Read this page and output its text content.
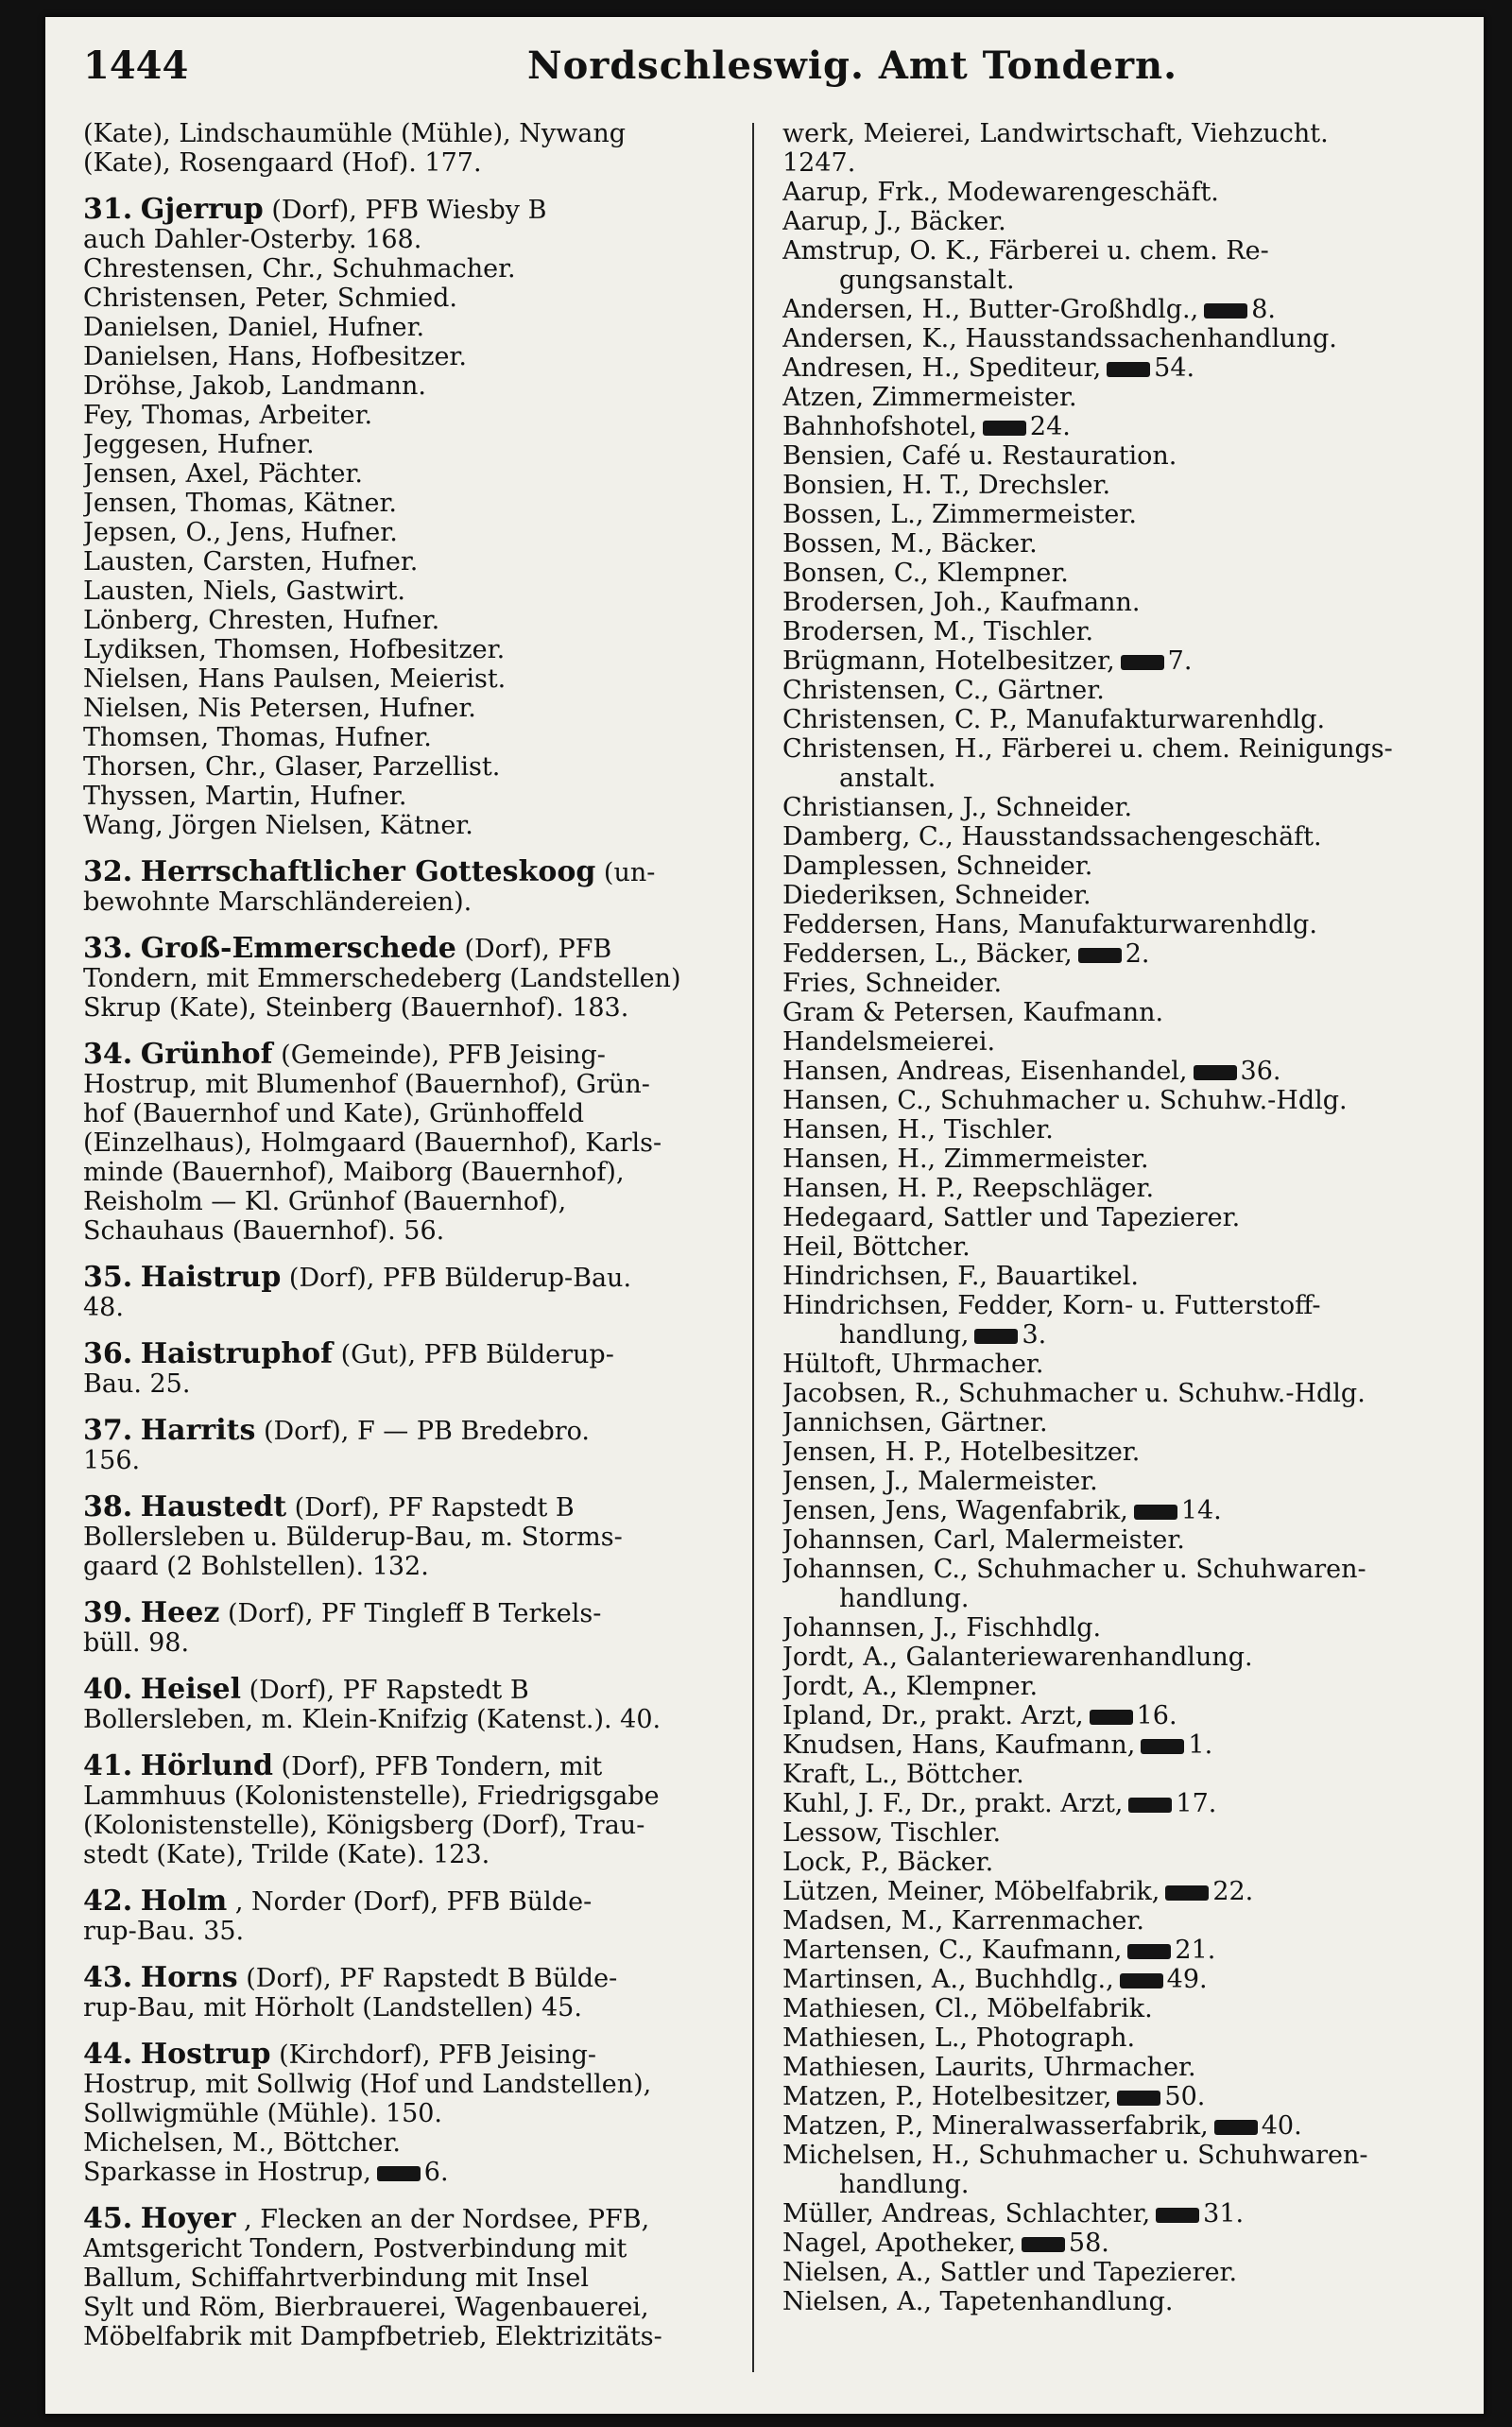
1444	Nordschleswig. Amt Tondern.
(Kate), Lindschaumühle (Mühle), Nywang
(Kate), Rosengaard (Hof). 177.
31. Gjerrup (Dorf), PFB Wiesby B
auch Dahler-Osterby. 168.
Chrestensen, Chr., Schuhmacher.
Christensen, Peter, Schmied.
Danielsen, Daniel, Hufner.
Danielsen, Hans, Hofbesitzer.
Dröhse, Jakob, Landmann.
Fey, Thomas, Arbeiter.
Jeggesen, Hufner.
Jensen, Axel, Pächter.
Jensen, Thomas, Kätner.
Jepsen, O., Jens, Hufner.
Lausten, Carsten, Hufner.
Lausten, Niels, Gastwirt.
Lönberg, Chresten, Hufner.
Lydiksen, Thomsen, Hofbesitzer.
Nielsen, Hans Paulsen, Meierist.
Nielsen, Nis Petersen, Hufner.
Thomsen, Thomas, Hufner.
Thorsen, Chr., Glaser, Parzellist.
Thyssen, Martin, Hufner.
Wang, Jörgen Nielsen, Kätner.
32. Herrschaftlicher Gotteskoog (un-
bewohnte Marschländereien).
33. Groß-Emmerschede (Dorf), PFB
Tondern, mit Emmerschedeberg (Landstellen)
Skrup (Kate), Steinberg (Bauernhof). 183.
34. Grünhof (Gemeinde), PFB Jeising-
Hostrup, mit Blumenhof (Bauernhof), Grün-
hof (Bauernhof und Kate), Grünhoffeld
(Einzelhaus), Holmgaard (Bauernhof), Karls-
minde (Bauernhof), Maiborg (Bauernhof),
Reisholm — Kl. Grünhof (Bauernhof),
Schauhaus (Bauernhof). 56.
35. Haistrup (Dorf), PFB Bülderup-Bau.
48.
36. Haistruphof (Gut), PFB Bülderup-
Bau. 25.
37. Harrits (Dorf), F — PB Bredebro.
156.
38. Haustedt (Dorf), PF Rapstedt B
Bollersleben u. Bülderup-Bau, m. Storms-
gaard (2 Bohlstellen). 132.
39. Heez (Dorf), PF Tingleff B Terkels-
büll. 98.
40. Heisel (Dorf), PF Rapstedt B
Bollersleben, m. Klein-Knifzig (Katenst.). 40.
41. Hörlund (Dorf), PFB Tondern, mit
Lammhuus (Kolonistenstelle), Friedrigsgabe
(Kolonistenstelle), Königsberg (Dorf), Trau-
stedt (Kate), Trilde (Kate). 123.
42. Holm , Norder (Dorf), PFB Bülde-
rup-Bau. 35.
43. Horns (Dorf), PF Rapstedt B Bülde-
rup-Bau, mit Hörholt (Landstellen) 45.
44. Hostrup (Kirchdorf), PFB Jeising-
Hostrup, mit Sollwig (Hof und Landstellen),
Sollwigmühle (Mühle). 150.
Michelsen, M., Böttcher.
Sparkasse in Hostrup, 6.
45. Hoyer , Flecken an der Nordsee, PFB,
Amtsgericht Tondern, Postverbindung mit
Ballum, Schiffahrtverbindung mit Insel
Sylt und Röm, Bierbrauerei, Wagenbauerei,
Möbelfabrik mit Dampfbetrieb, Elektrizitäts-
werk, Meierei, Landwirtschaft, Viehzucht.
1247.
Aarup, Frk., Modewarengeschäft.
Aarup, J., Bäcker.
Amstrup, O. K., Färberei u. chem. Re-
gungsanstalt.
Andersen, H., Butter-Großhdlg., 8.
Andersen, K., Hausstandssachenhandlung.
Andresen, H., Spediteur, 54.
Atzen, Zimmermeister.
Bahnhofshotel, 24.
Bensien, Café u. Restauration.
Bonsien, H. T., Drechsler.
Bossen, L., Zimmermeister.
Bossen, M., Bäcker.
Bonsen, C., Klempner.
Brodersen, Joh., Kaufmann.
Brodersen, M., Tischler.
Brügmann, Hotelbesitzer, 7.
Christensen, C., Gärtner.
Christensen, C. P., Manufakturwarenhdlg.
Christensen, H., Färberei u. chem. Reinigungs-
anstalt.
Christiansen, J., Schneider.
Damberg, C., Hausstandssachengeschäft.
Damplessen, Schneider.
Diederiksen, Schneider.
Feddersen, Hans, Manufakturwarenhdlg.
Feddersen, L., Bäcker, 2.
Fries, Schneider.
Gram & Petersen, Kaufmann.
Handelsmeierei.
Hansen, Andreas, Eisenhandel, 36.
Hansen, C., Schuhmacher u. Schuhw.-Hdlg.
Hansen, H., Tischler.
Hansen, H., Zimmermeister.
Hansen, H. P., Reepschläger.
Hedegaard, Sattler und Tapezierer.
Heil, Böttcher.
Hindrichsen, F., Bauartikel.
Hindrichsen, Fedder, Korn- u. Futterstoff-
handlung, 3.
Hültoft, Uhrmacher.
Jacobsen, R., Schuhmacher u. Schuhw.-Hdlg.
Jannichsen, Gärtner.
Jensen, H. P., Hotelbesitzer.
Jensen, J., Malermeister.
Jensen, Jens, Wagenfabrik, 14.
Johannsen, Carl, Malermeister.
Johannsen, C., Schuhmacher u. Schuhwaren-
handlung.
Johannsen, J., Fischhdlg.
Jordt, A., Galanteriewarenhandlung.
Jordt, A., Klempner.
Ipland, Dr., prakt. Arzt, 16.
Knudsen, Hans, Kaufmann, 1.
Kraft, L., Böttcher.
Kuhl, J. F., Dr., prakt. Arzt, 17.
Lessow, Tischler.
Lock, P., Bäcker.
Lützen, Meiner, Möbelfabrik, 22.
Madsen, M., Karrenmacher.
Martensen, C., Kaufmann, 21.
Martinsen, A., Buchhdlg., 49.
Mathiesen, Cl., Möbelfabrik.
Mathiesen, L., Photograph.
Mathiesen, Laurits, Uhrmacher.
Matzen, P., Hotelbesitzer, 50.
Matzen, P., Mineralwasserfabrik, 40.
Michelsen, H., Schuhmacher u. Schuhwaren-
handlung.
Müller, Andreas, Schlachter, 31.
Nagel, Apotheker, 58.
Nielsen, A., Sattler und Tapezierer.
Nielsen, A., Tapetenhandlung.
